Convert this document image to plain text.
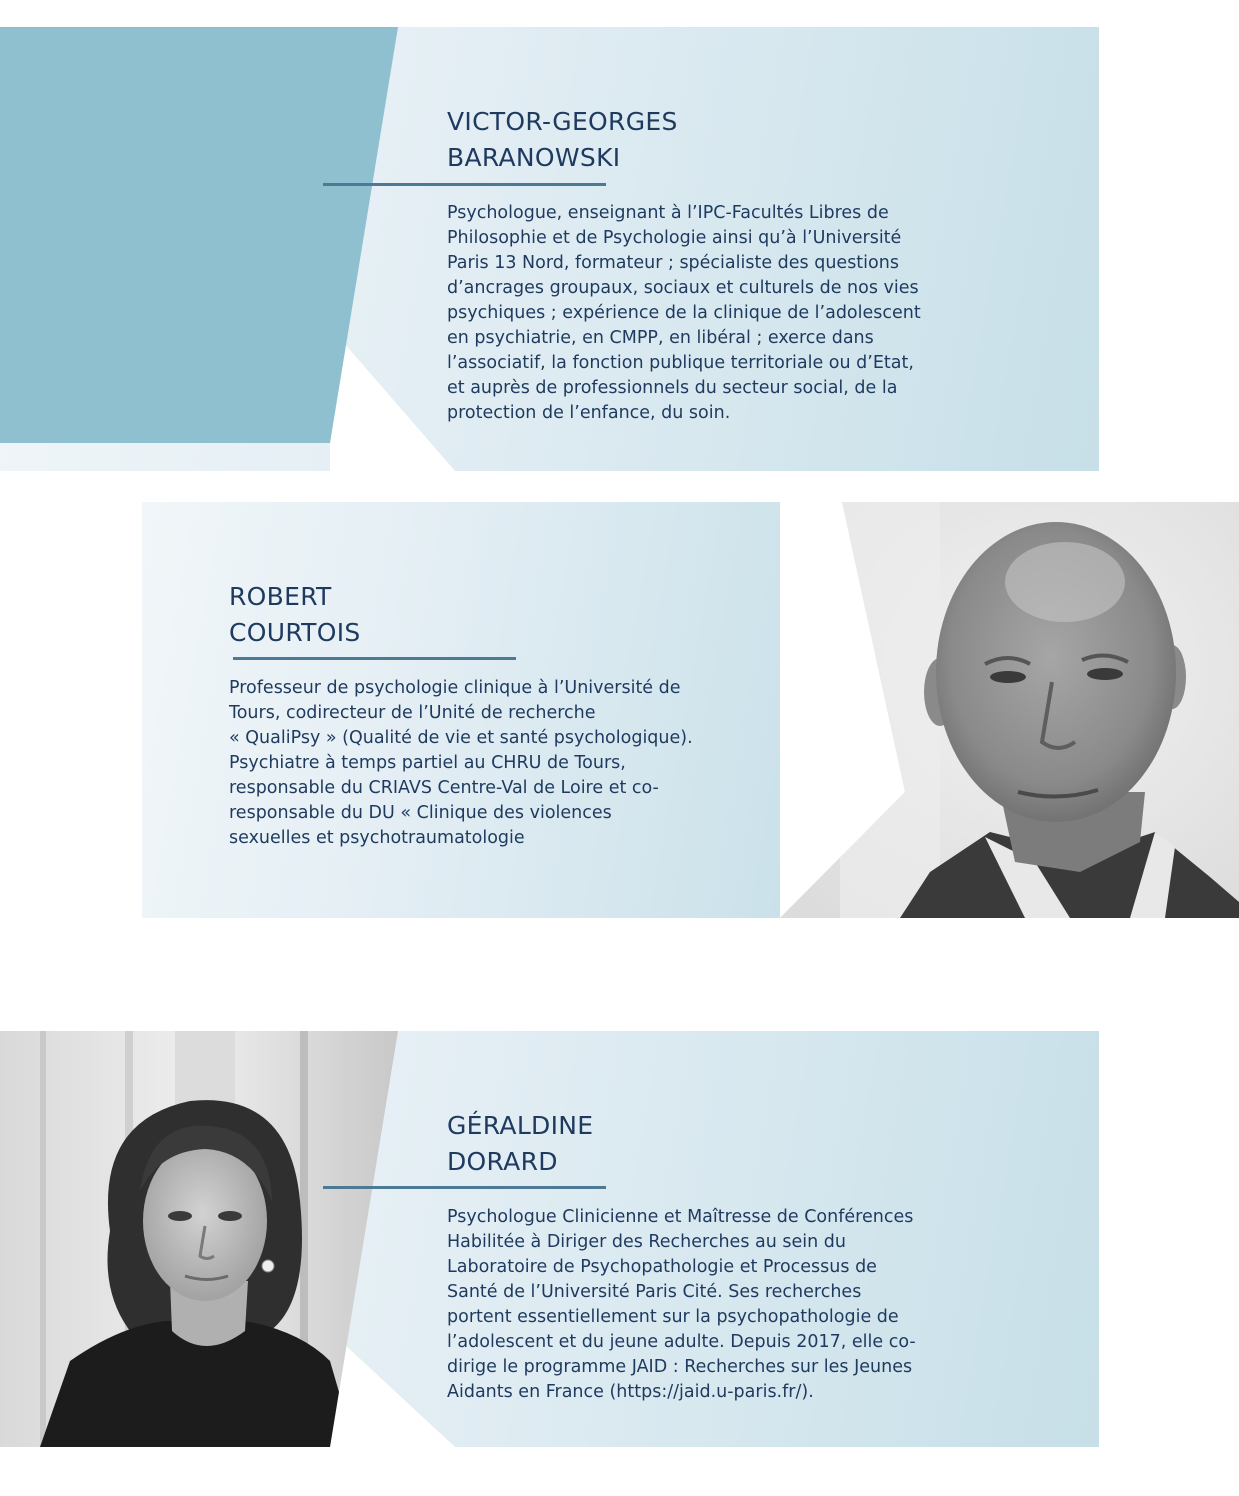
VICTOR-GEORGES
BARANOWSKI

Psychologue, enseignant à l’IPC-Facultés Libres de
Philosophie et de Psychologie ainsi qu’à l’Université
Paris 13 Nord, formateur ; spécialiste des questions
d’ancrages groupaux, sociaux et culturels de nos vies
psychiques ; expérience de la clinique de l’adolescent
en psychiatrie, en CMPP, en libéral ; exerce dans
l’associatif, la fonction publique territoriale ou d’Etat,
et auprès de professionnels du secteur social, de la
protection de l’enfance, du soin.

ROBERT
COURTOIS

Professeur de psychologie clinique à l’Université de
Tours, codirecteur de l’Unité de recherche
« QualiPsy » (Qualité de vie et santé psychologique).
Psychiatre à temps partiel au CHRU de Tours,
responsable du CRIAVS Centre-Val de Loire et co-
responsable du DU « Clinique des violences
sexuelles et psychotraumatologie

GÉRALDINE
DORARD

Psychologue Clinicienne et Maîtresse de Conférences
Habilitée à Diriger des Recherches au sein du
Laboratoire de Psychopathologie et Processus de
Santé de l’Université Paris Cité. Ses recherches
portent essentiellement sur la psychopathologie de
l’adolescent et du jeune adulte. Depuis 2017, elle co-
dirige le programme JAID : Recherches sur les Jeunes
Aidants en France (https://jaid.u-paris.fr/).
